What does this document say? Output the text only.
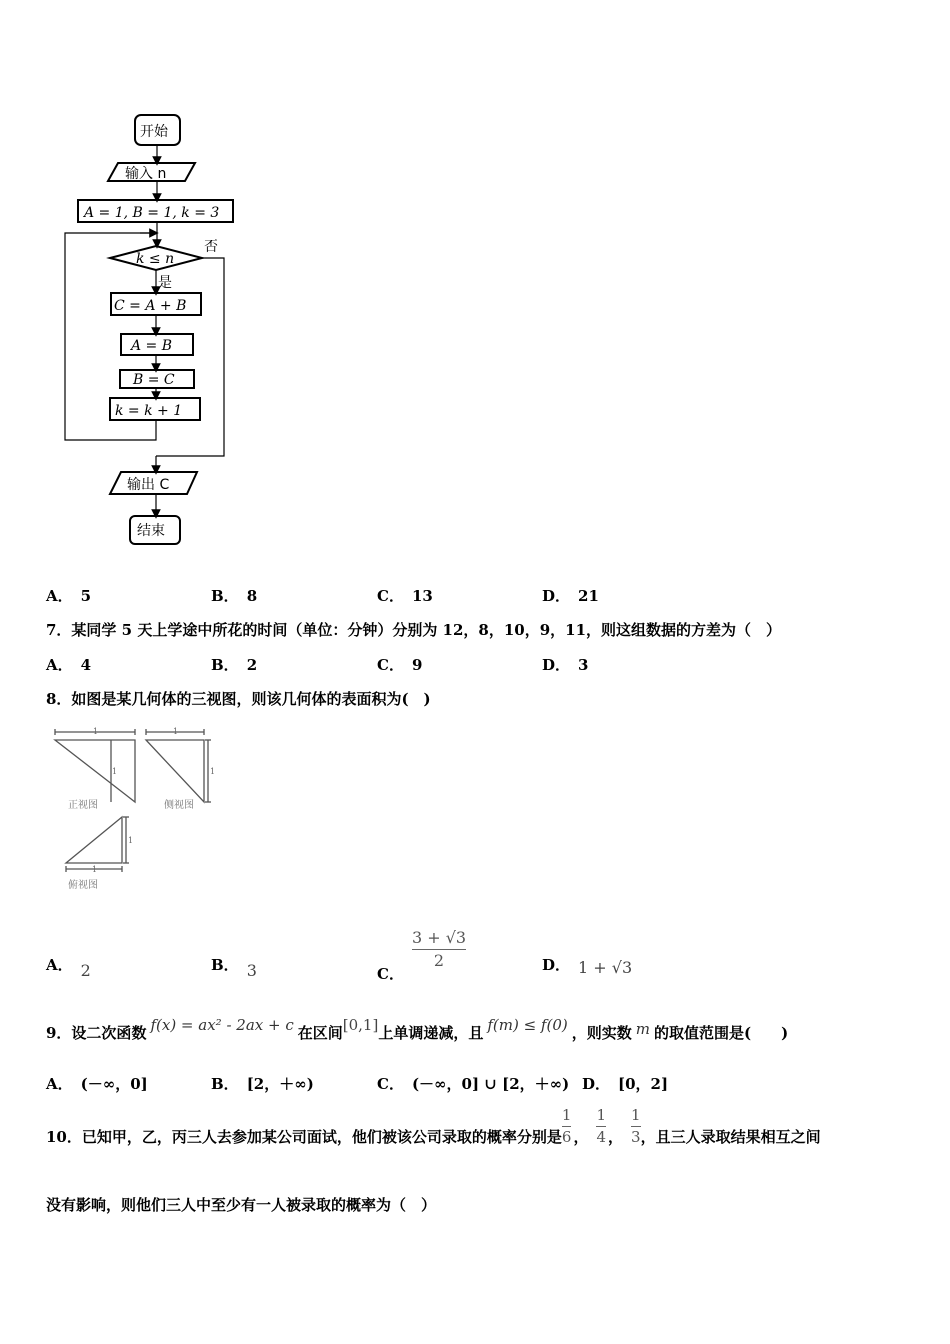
开始
输入 n
A = 1, B = 1, k = 3
k ≤ n
否
是
C = A + B
A = B
B = C
k = k + 1
输出 C
结束
A． 5	B． 8	C． 13	D． 21
7．某同学 5 天上学途中所花的时间（单位：分钟）分别为 12，8，10，9，11，则这组数据的方差为（　）
A． 4	B． 2	C． 9	D． 3
8．如图是某几何体的三视图，则该几何体的表面积为(　)
1
1
1
1
1
1
正视图	侧视图
俯视图
A． 2	B． 3	C．
$\frac{3 + √3}{2}$	D． 1 + √3
9．设二次函数 f(x) = ax² - 2ax + c 在区间[0,1]上单调递减，且 f(m) ≤ f(0) ，则实数 m 的取值范围是(　　)
A． (－∞，0]	B． [2，＋∞)	C． (－∞，0] ∪ [2，＋∞) D． [0，2]
10．已知甲，乙，丙三人去参加某公司面试，他们被该公司录取的概率分别是 $\frac{1}{6}$ ， $\frac{1}{4}$ ， $\frac{1}{3}$ ，且三人录取结果相互之间
没有影响，则他们三人中至少有一人被录取的概率为（　）
